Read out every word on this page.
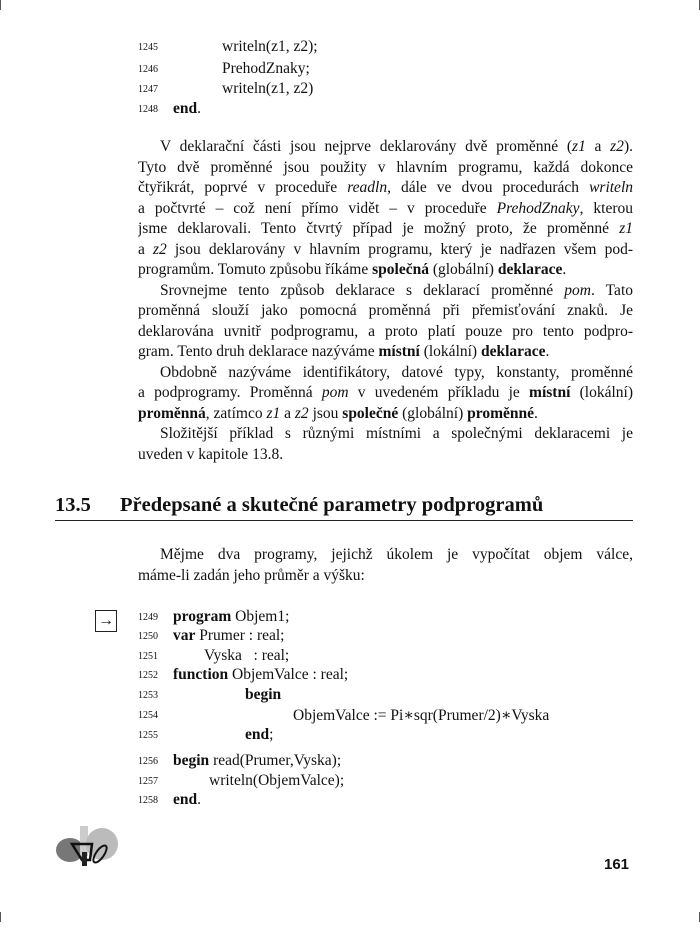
1245	writeln(z1, z2);
1246	PrehodZnaky;
1247	writeln(z1, z2)
1248 end.
V deklarační části jsou nejprve deklarovány dvě proměnné (z1 a z2).
Tyto dvě proměnné jsou použity v hlavním programu, každá dokonce
čtyřikrát, poprvé v proceduře readln, dále ve dvou procedurách writeln
a počtvrté – což není přímo vidět – v proceduře PrehodZnaky, kterou
jsme deklarovali. Tento čtvrtý případ je možný proto, že proměnné z1
a z2 jsou deklarovány v hlavním programu, který je nadřazen všem pod-
programům. Tomuto způsobu říkáme společná (globální) deklarace.
Srovnejme tento způsob deklarace s deklarací proměnné pom. Tato
proměnná slouží jako pomocná proměnná při přemisťování znaků. Je
deklarována uvnitř podprogramu, a proto platí pouze pro tento podpro-
gram. Tento druh deklarace nazýváme místní (lokální) deklarace.
Obdobně nazýváme identifikátory, datové typy, konstanty, proměnné
a podprogramy. Proměnná pom v uvedeném příkladu je místní (lokální)
proměnná, zatímco z1 a z2 jsou společné (globální) proměnné.
Složitější příklad s různými místními a společnými deklaracemi je
uveden v kapitole 13.8.
13.5 Předepsané a skutečné parametry podprogramů
Mějme dva programy, jejichž úkolem je vypočítat objem válce,
máme-li zadán jeho průměr a výšku:
→	1249 program Objem1;
1250 var Prumer : real;
1251	Vyska   : real;
1252 function ObjemValce : real;
1253	begin
1254	ObjemValce := Pi∗sqr(Prumer/2)∗Vyska
1255	end;
1256 begin read(Prumer,Vyska);
1257	writeln(ObjemValce);
1258 end.
161
